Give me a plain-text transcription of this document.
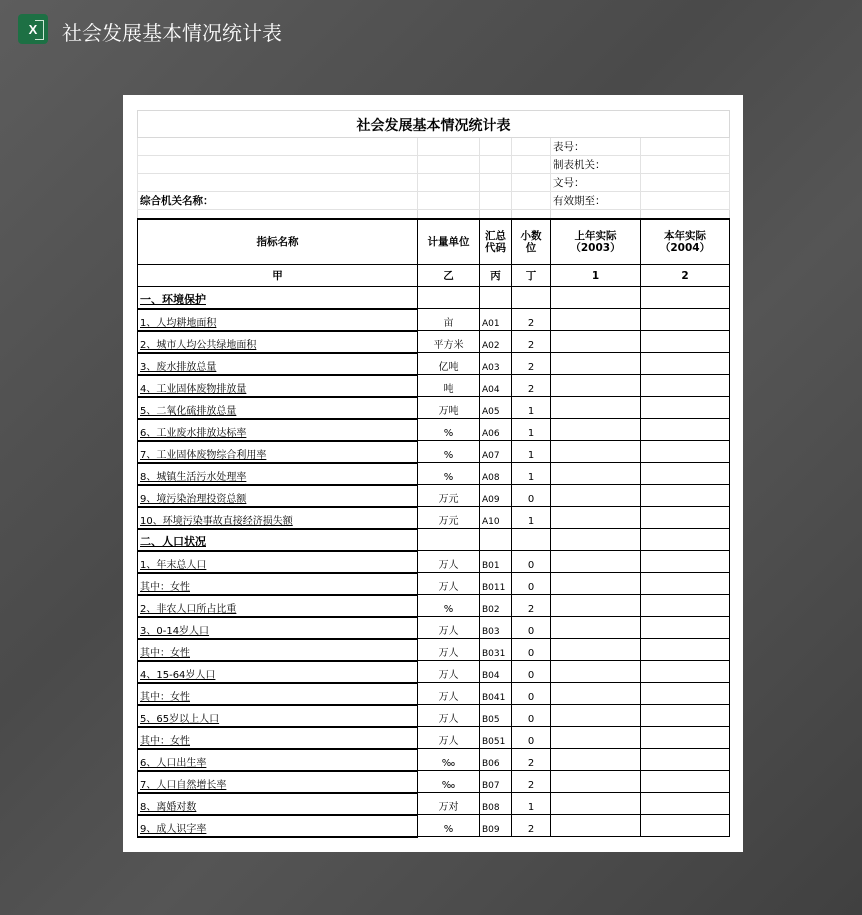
X	社会发展基本情况统计表
社会发展基本情况统计表					
				表号：	
				制表机关：	
				文号：	
综合机关名称：				有效期至：	

指标名称	计量单位	汇总代码	小数位	上年实际（2003）	本年实际
（2004）
甲	乙	丙	丁	1	2
一、环境保护					
1、人均耕地面积	亩	A01	2		
2、城市人均公共绿地面积	平方米	A02	2		
3、废水排放总量	亿吨	A03	2		
4、工业固体废物排放量	吨	A04	2		
5、二氧化硫排放总量	万吨	A05	1		
6、工业废水排放达标率	%	A06	1		
7、工业固体废物综合利用率	%	A07	1		
8、城镇生活污水处理率	%	A08	1		
9、境污染治理投资总额	万元	A09	0		
10、环境污染事故直接经济损失额	万元	A10	1		
二、人口状况					
1、年末总人口	万人	B01	0		
其中：女性	万人	B011	0		
2、非农人口所占比重	%	B02	2		
3、0-14岁人口	万人	B03	0		
其中：女性	万人	B031	0		
4、15-64岁人口	万人	B04	0		
其中：女性	万人	B041	0		
5、65岁以上人口	万人	B05	0		
其中：女性	万人	B051	0		
6、人口出生率	‰	B06	2		
7、人口自然增长率	‰	B07	2		
8、离婚对数	万对	B08	1		
9、成人识字率	%	B09	2		
